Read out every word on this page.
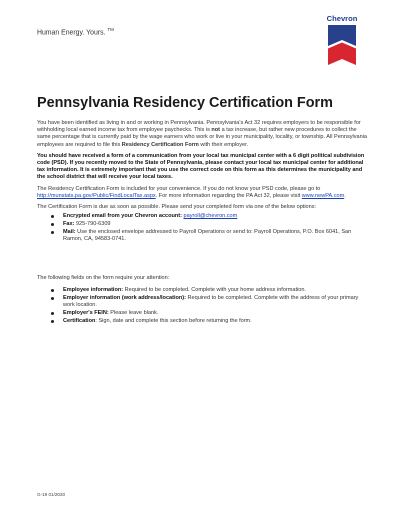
Human Energy. Yours. ™
Chevron
Pennsylvania Residency Certification Form

You have been identified as living in and or working in Pennsylvania. Pennsylvania's Act 32 requires employers to be responsible for withholding local earned income tax from employee paychecks. This is not a tax increase, but rather new procedures to collect the same percentage that is currently paid by the wage earners who work or live in your municipality, locality, or township. All Pennsylvania employees are required to file this Residency Certification Form with their employer.

You should have received a form of a communication from your local tax municipal center with a 6 digit political subdivision code (PSD). If you recently moved to the State of Pennsylvania, please contact your local tax municipal center for additional tax information. It is extremely important that you use the correct code on this form as this determines the municipality and the school district that will receive your local taxes.

The Residency Certification Form is included for your convenience. If you do not know your PSD code, please go to http://munstats.pa.gov/Public/FindLocalTax.aspx. For more information regarding the PA Act 32, please visit www.newPA.com.

The Certification Form is due as soon as possible. Please send your completed form via one of the below options:

Encrypted email from your Chevron account: payroll@chevron.com
Fax: 925-790-6309
Mail: Use the enclosed envelope addressed to Payroll Operations or send to: Payroll Operations, P.O. Box 6041, San Ramon, CA, 94583-0741.

The following fields on the form require your attention:

Employee information: Required to be completed. Complete with your home address information.
Employer information (work address/location): Required to be completed. Complete with the address of your primary work location.
Employer's FEIN: Please leave blank.
Certification: Sign, date and complete this section before returning the form.
G-19 01/2020
